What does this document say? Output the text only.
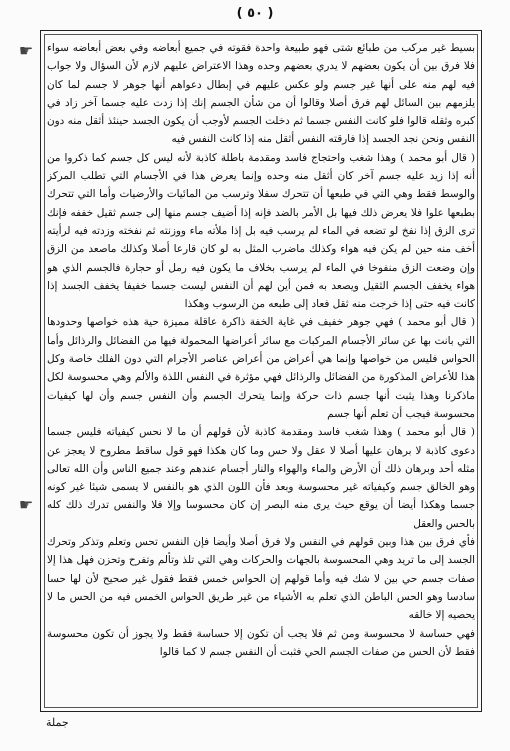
( ٥٠ )
☛
☛

بسيط غير مركب من طبائع شتى فهو طبيعة واحدة فقوته في جميع أبعاضه وفي بعض أبعاضه سواء فلا فرق بين أن يكون بعضهم لا يدري بعضهم وحده وهذا الاعتراض عليهم لازم لأن السؤال ولا جواب فيه لهم منه على أنها غير جسم ولو عكس عليهم في إبطال دعواهم أنها جوهر لا جسم لما كان يلزمهم بين السائل لهم فرق أصلا وقالوا أن من شأن الجسم إنك إذا زدت عليه جسما آخر زاد في كبره وثقله قالوا فلو كانت النفس جسما ثم دخلت الجسم لأوجب أن يكون الجسد حينئذ أثقل منه دون النفس ونحن نجد الجسد إذا فارقته النفس أثقل منه إذا كانت النفس فيه

( قال أبو محمد ) وهذا شغب واحتجاج فاسد ومقدمة باطلة كاذبة لأنه ليس كل جسم كما ذكروا من أنه إذا زيد عليه جسم آخر كان أثقل منه وحده وإنما يعرض هذا في الأجسام التي تطلب المركز والوسط فقط وهي التي في طبعها أن تتحرك سفلا وترسب من المائيات والأرضيات وأما التي تتحرك بطبعها علوا فلا يعرض ذلك فيها بل الأمر بالضد فإنه إذا أضيف جسم منها إلى جسم ثقيل خففه فإنك ترى الزق إذا نفخ لو تضعه في الماء لم يرسب فيه بل إذا ملأته ماء ووزنته ثم نفخته وزدته فيه لرأيته أخف منه حين لم يكن فيه هواء وكذلك ماضرب المثل به لو كان قارعا أصلا وكذلك ماصعد من الزق وإن وضعت الزق منفوخا في الماء لم يرسب بخلاف ما يكون فيه رمل أو حجارة فالجسم الذي هو هواء يخفف الجسم الثقيل ويصعد به فمن أين لهم أن النفس ليست جسما خفيفا يخفف الجسد إذا كانت فيه حتى إذا خرجت منه ثقل فعاد إلى طبعه من الرسوب وهكذا

( قال أبو محمد ) فهي جوهر خفيف في غاية الخفة ذاكرة عاقلة مميزة حية هذه خواصها وحدودها التي بانت بها عن سائر الأجسام المركبات مع سائر أعراضها المحمولة فيها من الفضائل والرذائل وأما الحواس فليس من خواصها وإنما هي أعراض من أعراض عناصر الأجرام التي دون الفلك خاصة وكل هذا للأعراض المذكورة من الفضائل والرذائل فهي مؤثرة في النفس اللذة والألم وهي محسوسة لكل ماذكرنا وهذا يثبت أنها جسم ذات حركة وإنما يتحرك الجسم وأن النفس جسم وأن لها كيفيات محسوسة فيجب أن تعلم أنها جسم

( قال أبو محمد ) وهذا شغب فاسد ومقدمة كاذبة لأن قولهم أن ما لا نحس كيفياته فليس جسما دعوى كاذبة لا برهان عليها أصلا لا عقل ولا حس وما كان هكذا فهو قول ساقط مطروح لا يعجز عن مثله أحد وبرهان ذلك أن الأرض والماء والهواء والنار أجسام عندهم وعند جميع الناس وأن الله تعالى وهو الخالق جسم وكيفياته غير محسوسة وبعد فأن اللون الذي هو بالنفس لا يسمى شيئا غير كونه جسما وهكذا أيضا أن يوقع حيث يرى منه البصر إن كان محسوسا وإلا فلا والنفس تدرك ذلك كله بالحس والعقل

فأي فرق بين هذا وبين قولهم في النفس ولا فرق أصلا وأيضا فإن النفس تحس وتعلم وتذكر وتحرك الجسد إلى ما تريد وهي المحسوسة بالجهات والحركات وهي التي تلذ وتألم وتفرح وتحزن فهل هذا إلا صفات جسم حي بين لا شك فيه وأما قولهم إن الحواس خمس فقط فقول غير صحيح لأن لها حسا سادسا وهو الحس الباطن الذي تعلم به الأشياء من غير طريق الحواس الخمس فيه من الحس ما لا يحصيه إلا خالقه

فهي حساسة لا محسوسة ومن ثم فلا يجب أن تكون إلا حساسة فقط ولا يجوز أن تكون محسوسة فقط لأن الحس من صفات الجسم الحي فثبت أن النفس جسم لا كما قالوا

جملة
